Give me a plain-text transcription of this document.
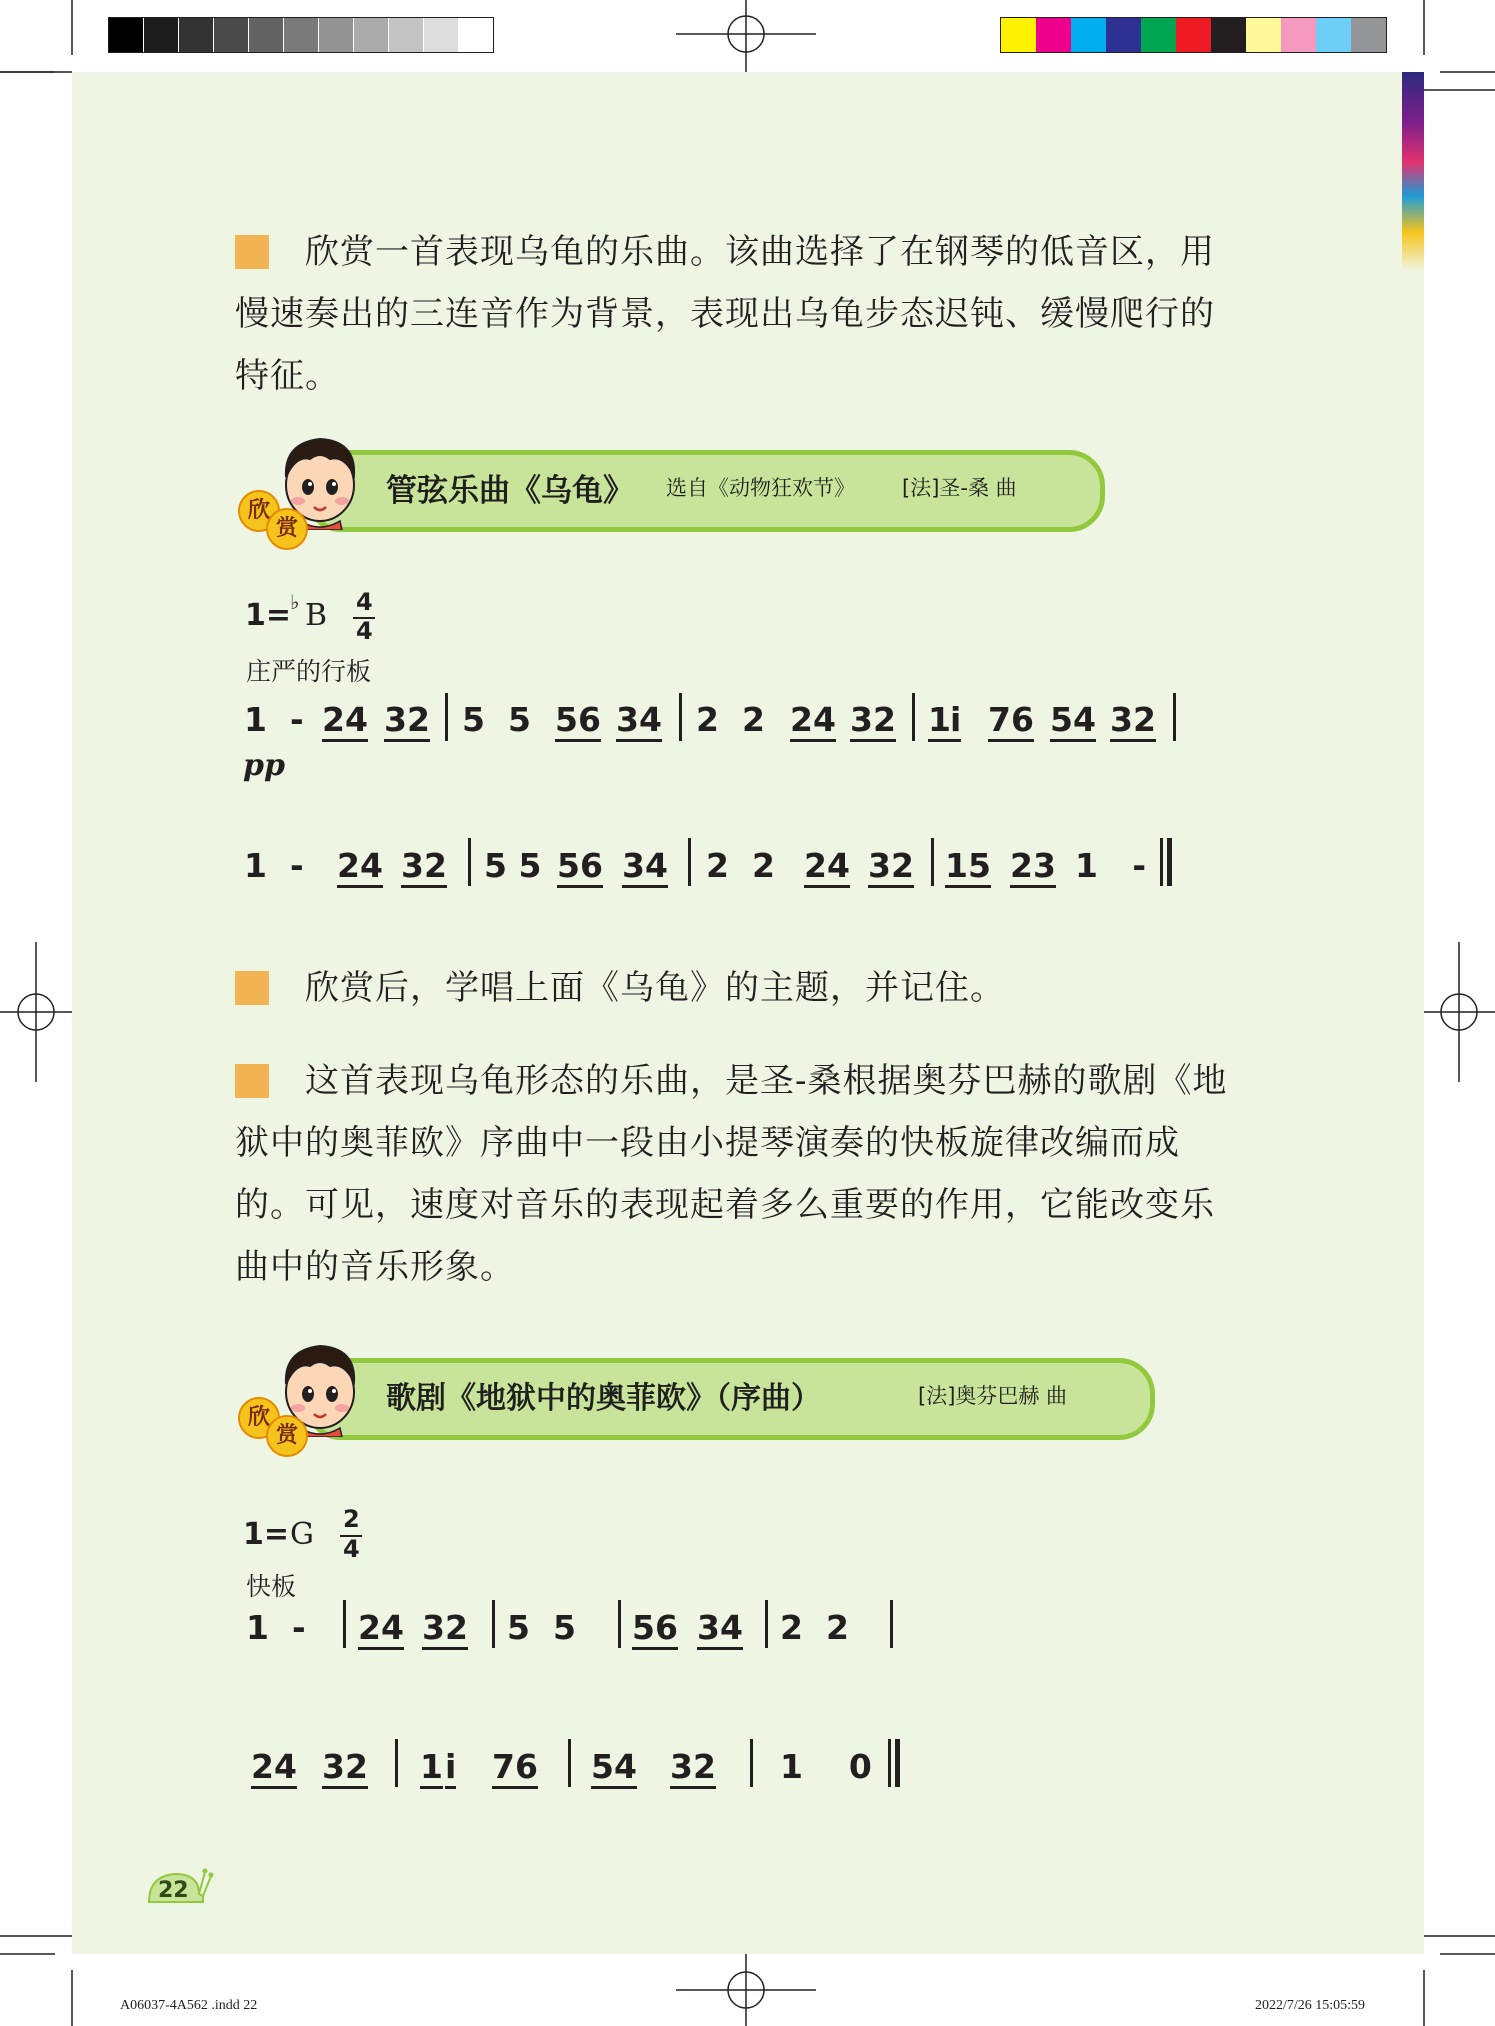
欣赏一首表现乌龟的乐曲。该曲选择了在钢琴的低音区，用
慢速奏出的三连音作为背景，表现出乌龟步态迟钝、缓慢爬行的
特征。
欣
赏
管弦乐曲《乌龟》 选自《动物狂欢节》 [法]圣-桑 曲
1=
♭ B 4
4
庄严的行板
1  - 24 32 5  5 56 34 2  2 24 32 1 i 76 54 32
pp
1  - 24 32 5 5 56 34 2  2 24 32 15 23 1   -
欣赏后，学唱上面《乌龟》的主题，并记住。
这首表现乌龟形态的乐曲，是圣-桑根据奥芬巴赫的歌剧《地
狱中的奥菲欧》序曲中一段由小提琴演奏的快板旋律改编而成
的。可见，速度对音乐的表现起着多么重要的作用，它能改变乐
曲中的音乐形象。
欣
赏
歌剧《地狱中的奥菲欧》（序曲）	[法]奥芬巴赫 曲
1= G 2
4
快板
1  - 24 32 5  5 56 34 2  2
24 32 1 i 76 54 32 1    0
22
A06037-4A562 .indd 22	2022/7/26 15:05:59
